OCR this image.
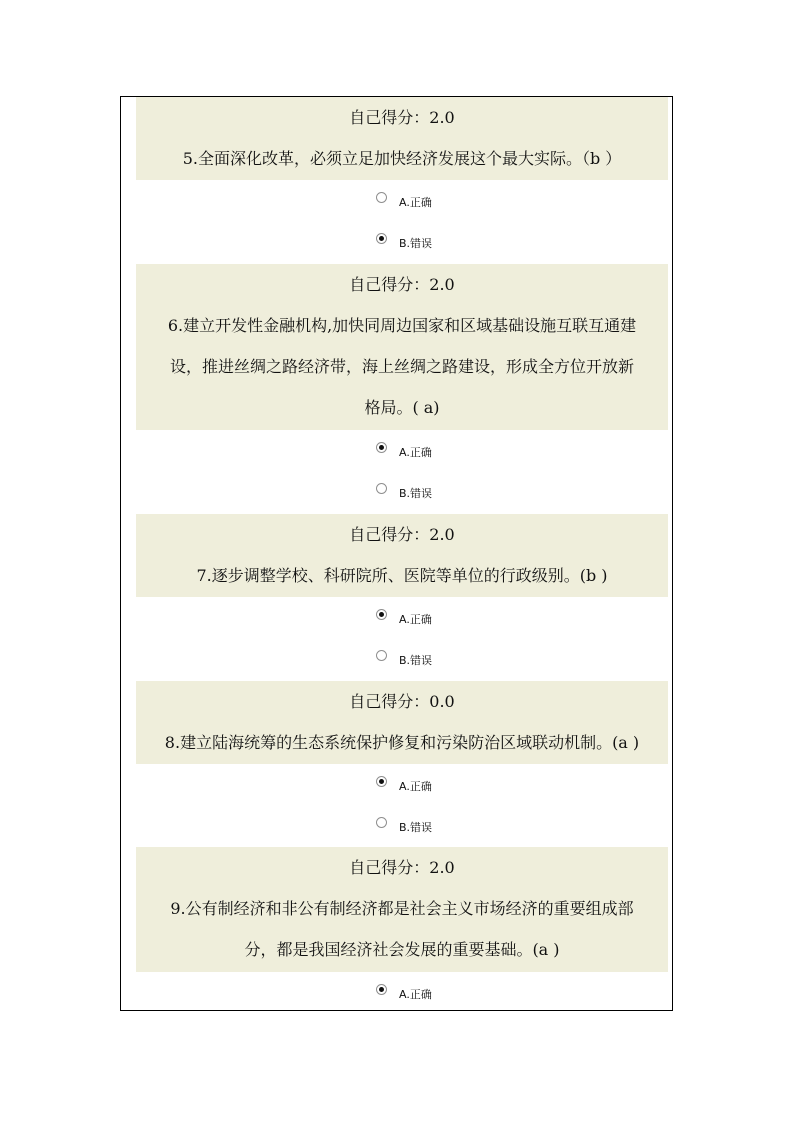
自己得分：2.0
5.全面深化改革，必须立足加快经济发展这个最大实际。（b ）
A.正确
B.错误
自己得分：2.0
6.建立开发性金融机构,加快同周边国家和区域基础设施互联互通建
设，推进丝绸之路经济带，海上丝绸之路建设，形成全方位开放新
格局。( a)
A.正确
B.错误
自己得分：2.0
7.逐步调整学校、科研院所、医院等单位的行政级别。(b )
A.正确
B.错误
自己得分：0.0
8.建立陆海统筹的生态系统保护修复和污染防治区域联动机制。(a )
A.正确
B.错误
自己得分：2.0
9.公有制经济和非公有制经济都是社会主义市场经济的重要组成部
分，都是我国经济社会发展的重要基础。(a )
A.正确
